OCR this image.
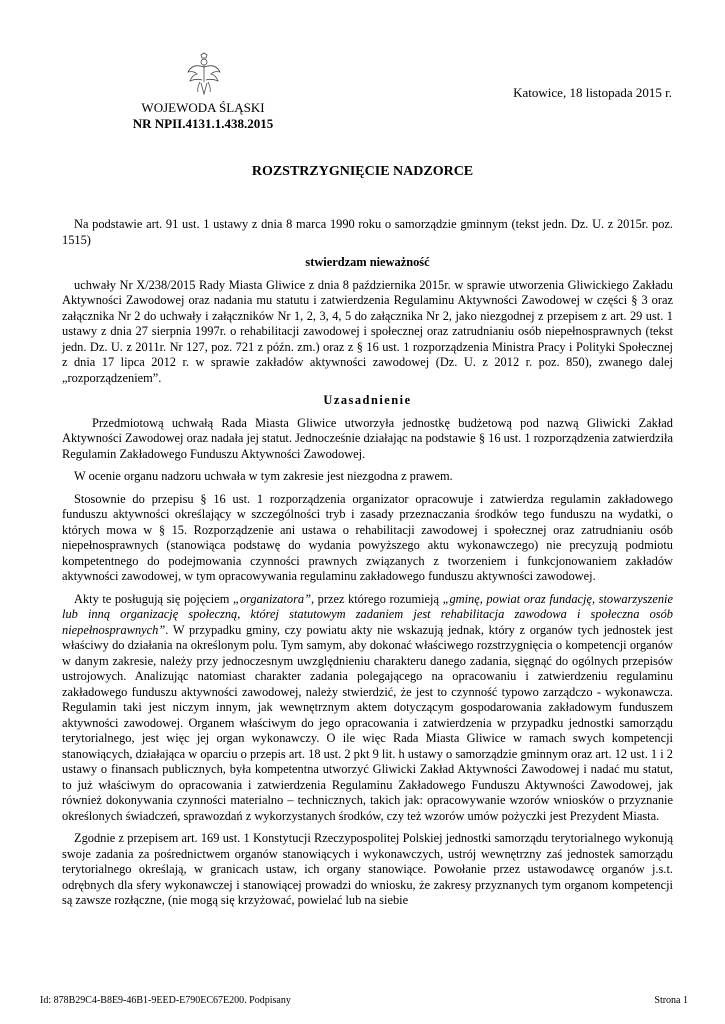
WOJEWODA ŚLĄSKI
NR NPII.4131.1.438.2015
Katowice, 18 listopada 2015 r.
ROZSTRZYGNIĘCIE NADZORCE

Na podstawie art. 91 ust. 1 ustawy z dnia 8 marca 1990 roku o samorządzie gminnym (tekst jedn. Dz. U. z 2015r. poz. 1515)

stwierdzam nieważność

uchwały Nr X/238/2015 Rady Miasta Gliwice z dnia 8 października 2015r. w sprawie utworzenia Gliwickiego Zakładu Aktywności Zawodowej oraz nadania mu statutu i zatwierdzenia Regulaminu Aktywności Zawodowej w części § 3 oraz załącznika Nr 2 do uchwały i załączników Nr 1, 2, 3, 4, 5 do załącznika Nr 2, jako niezgodnej z przepisem z art. 29 ust. 1 ustawy z dnia 27 sierpnia 1997r. o rehabilitacji zawodowej i społecznej oraz zatrudnianiu osób niepełnosprawnych (tekst jedn. Dz. U. z 2011r. Nr 127, poz. 721 z późn. zm.) oraz z § 16 ust. 1 rozporządzenia Ministra Pracy i Polityki Społecznej z dnia 17 lipca 2012 r. w sprawie zakładów aktywności zawodowej (Dz. U. z 2012 r. poz. 850), zwanego dalej „rozporządzeniem”.

Uzasadnienie

Przedmiotową uchwałą Rada Miasta Gliwice utworzyła jednostkę budżetową pod nazwą Gliwicki Zakład Aktywności Zawodowej oraz nadała jej statut. Jednocześnie działając na podstawie § 16 ust. 1 rozporządzenia zatwierdziła Regulamin Zakładowego Funduszu Aktywności Zawodowej.

W ocenie organu nadzoru uchwała w tym zakresie jest niezgodna z prawem.

Stosownie do przepisu § 16 ust. 1 rozporządzenia organizator opracowuje i zatwierdza regulamin zakładowego funduszu aktywności określający w szczególności tryb i zasady przeznaczania środków tego funduszu na wydatki, o których mowa w § 15. Rozporządzenie ani ustawa o rehabilitacji zawodowej i społecznej oraz zatrudnianiu osób niepełnosprawnych (stanowiąca podstawę do wydania powyższego aktu wykonawczego) nie precyzują podmiotu kompetentnego do podejmowania czynności prawnych związanych z tworzeniem i funkcjonowaniem zakładów aktywności zawodowej, w tym opracowywania regulaminu zakładowego funduszu aktywności zawodowej.

Akty te posługują się pojęciem „organizatora”, przez którego rozumieją „gminę, powiat oraz fundację, stowarzyszenie lub inną organizację społeczną, której statutowym zadaniem jest rehabilitacja zawodowa i społeczna osób niepełnosprawnych”. W przypadku gminy, czy powiatu akty nie wskazują jednak, który z organów tych jednostek jest właściwy do działania na określonym polu. Tym samym, aby dokonać właściwego rozstrzygnięcia o kompetencji organów w danym zakresie, należy przy jednoczesnym uwzględnieniu charakteru danego zadania, sięgnąć do ogólnych przepisów ustrojowych. Analizując natomiast charakter zadania polegającego na opracowaniu i zatwierdzeniu regulaminu zakładowego funduszu aktywności zawodowej, należy stwierdzić, że jest to czynność typowo zarządczo - wykonawcza. Regulamin taki jest niczym innym, jak wewnętrznym aktem dotyczącym gospodarowania zakładowym funduszem aktywności zawodowej. Organem właściwym do jego opracowania i zatwierdzenia w przypadku jednostki samorządu terytorialnego, jest więc jej organ wykonawczy. O ile więc Rada Miasta Gliwice w ramach swych kompetencji stanowiących, działająca w oparciu o przepis art. 18 ust. 2 pkt 9 lit. h ustawy o samorządzie gminnym oraz art. 12 ust. 1 i 2 ustawy o finansach publicznych, była kompetentna utworzyć Gliwicki Zakład Aktywności Zawodowej i nadać mu statut, to już właściwym do opracowania i zatwierdzenia Regulaminu Zakładowego Funduszu Aktywności Zawodowej, jak również dokonywania czynności materialno – technicznych, takich jak: opracowywanie wzorów wniosków o przyznanie określonych świadczeń, sprawozdań z wykorzystanych środków, czy też wzorów umów pożyczki jest Prezydent Miasta.

Zgodnie z przepisem art. 169 ust. 1 Konstytucji Rzeczypospolitej Polskiej jednostki samorządu terytorialnego wykonują swoje zadania za pośrednictwem organów stanowiących i wykonawczych, ustrój wewnętrzny zaś jednostek samorządu terytorialnego określają, w granicach ustaw, ich organy stanowiące. Powołanie przez ustawodawcę organów j.s.t. odrębnych dla sfery wykonawczej i stanowiącej prowadzi do wniosku, że zakresy przyznanych tym organom kompetencji są zawsze rozłączne, (nie mogą się krzyżować, powielać lub na siebie

Id: 878B29C4-B8E9-46B1-9EED-E790EC67E200. Podpisany	Strona 1
